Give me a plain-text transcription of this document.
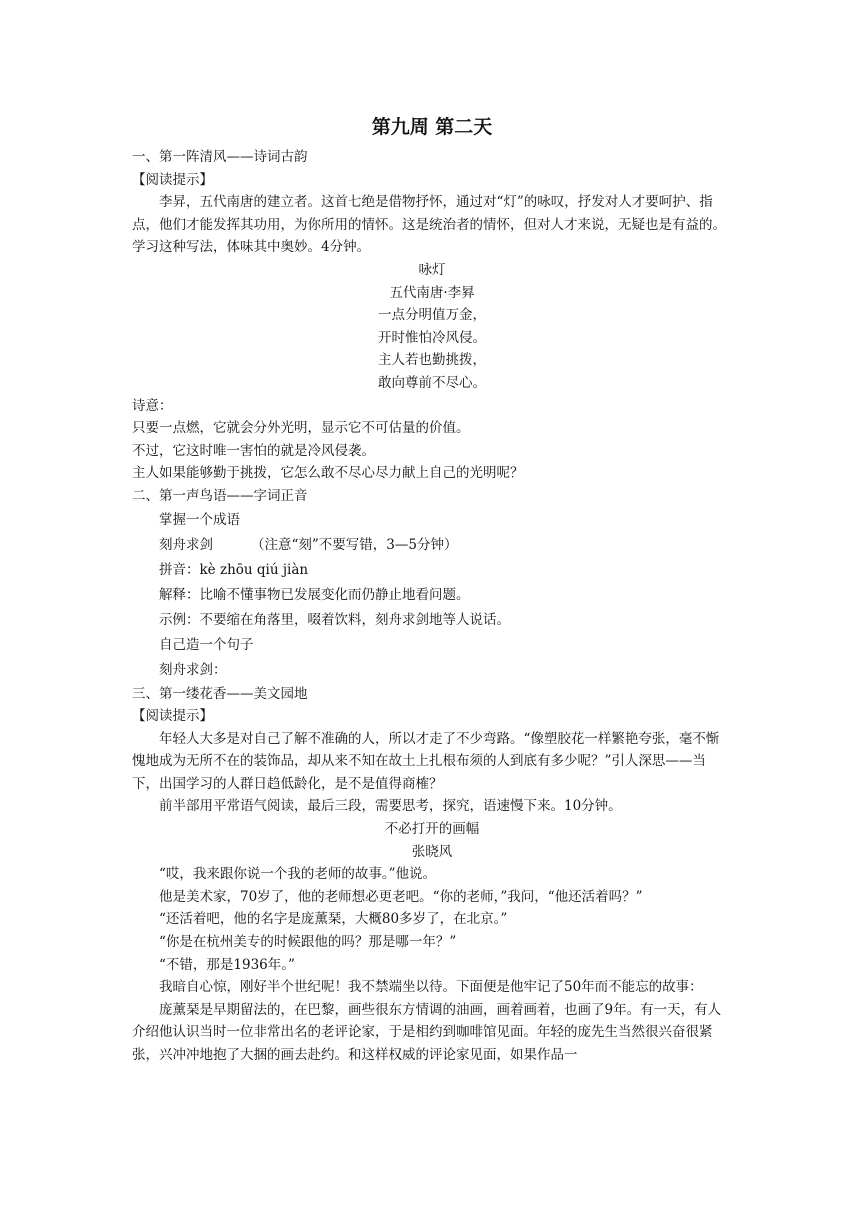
第九周 第二天

一、第一阵清风——诗词古韵

【阅读提示】

李昇，五代南唐的建立者。这首七绝是借物抒怀，通过对“灯”的咏叹，抒发对人才要呵护、指点，他们才能发挥其功用，为你所用的情怀。这是统治者的情怀，但对人才来说，无疑也是有益的。学习这种写法，体味其中奥妙。4分钟。

咏灯

五代南唐·李昪

一点分明值万金，

开时惟怕冷风侵。

主人若也勤挑拨，

敢向尊前不尽心。

诗意：

只要一点燃，它就会分外光明，显示它不可估量的价值。

不过，它这时唯一害怕的就是冷风侵袭。

主人如果能够勤于挑拨，它怎么敢不尽心尽力献上自己的光明呢？

二、第一声鸟语——字词正音

掌握一个成语

刻舟求剑	（注意“刻”不要写错，3—5分钟）

拼音：kè zhōu qiú jiàn

解释：比喻不懂事物已发展变化而仍静止地看问题。

示例：不要缩在角落里，啜着饮料，刻舟求剑地等人说话。

自己造一个句子

刻舟求剑：

三、第一缕花香——美文园地

【阅读提示】

年轻人大多是对自己了解不准确的人，所以才走了不少弯路。“像塑胶花一样繁艳夸张，毫不惭愧地成为无所不在的装饰品，却从来不知在故土上扎根布须的人到底有多少呢？”引人深思——当下，出国学习的人群日趋低龄化，是不是值得商榷？

前半部用平常语气阅读，最后三段，需要思考，探究，语速慢下来。10分钟。

不必打开的画幅

张晓风

“哎，我来跟你说一个我的老师的故事。”他说。

他是美术家，70岁了，他的老师想必更老吧。“你的老师，”我问，“他还活着吗？”

“还活着吧，他的名字是庞薰琹，大概80多岁了，在北京。”

“你是在杭州美专的时候跟他的吗？那是哪一年？”

“不错，那是1936年。”

我暗自心惊，刚好半个世纪呢！我不禁端坐以待。下面便是他牢记了50年而不能忘的故事：

庞薰琹是早期留法的，在巴黎，画些很东方情调的油画，画着画着，也画了9年。有一天，有人介绍他认识当时一位非常出名的老评论家，于是相约到咖啡馆见面。年轻的庞先生当然很兴奋很紧张，兴冲冲地抱了大捆的画去赴约。和这样权威的评论家见面，如果作品一
